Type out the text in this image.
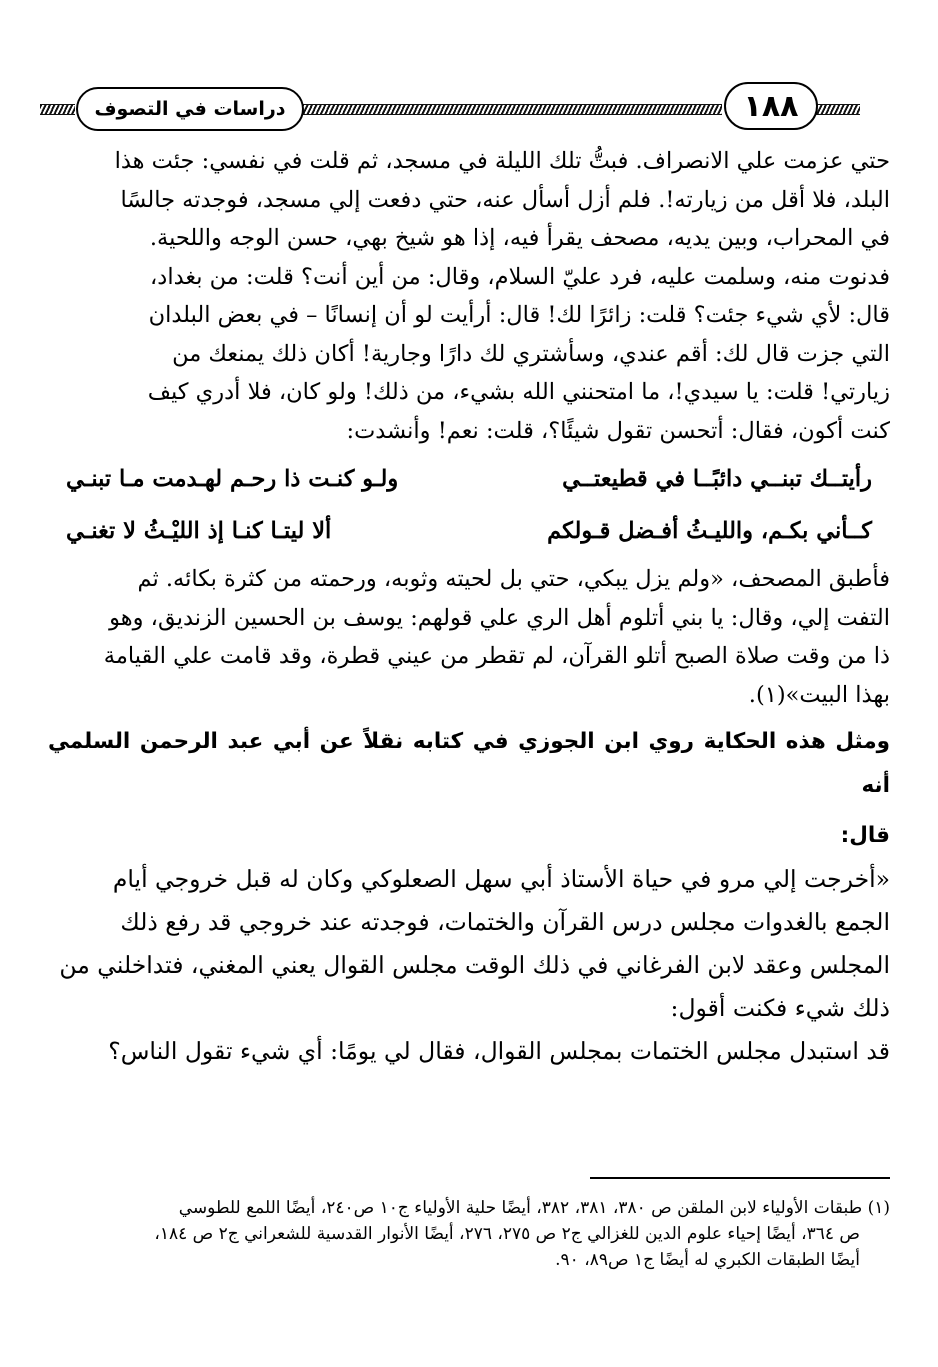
دراسات في التصوف	١٨٨

حتي عزمت علي الانصراف. فبتُّ تلك الليلة في مسجد، ثم قلت في نفسي: جئت هذا

البلد، فلا أقل من زيارته!. فلم أزل أسأل عنه، حتي دفعت إلي مسجد، فوجدته جالسًا

في المحراب، وبين يديه، مصحف يقرأ فيه، إذا هو شيخ بهي، حسن الوجه واللحية.

فدنوت منه، وسلمت عليه، فرد عليّ السلام، وقال: من أين أنت؟ قلت: من بغداد،

قال: لأي شيء جئت؟ قلت: زائرًا لك! قال: أرأيت لو أن إنسانًا – في بعض البلدان

التي جزت قال لك: أقم عندي، وسأشتري لك دارًا وجارية! أكان ذلك يمنعك من

زيارتي! قلت: يا سيدي!، ما امتحنني الله بشيء، من ذلك! ولو كان، فلا أدري كيف

كنت أكون، فقال: أتحسن تقول شيئًا؟، قلت: نعم! وأنشدت:

رأيتــك تبنــي دائبًــا في قطيعتــي
ولـو كنـت ذا رحـم لهـدمت مـا تبنـي
كــأني بكـم، والليـثُ أفـضل قـولكم
ألا ليتـا كنـا إذ الليْـثُ لا تغنـي

فأطبق المصحف، «ولم يزل يبكي، حتي بل لحيته وثوبه، ورحمته من كثرة بكائه. ثم

التفت إلي، وقال: يا بني أتلوم أهل الري علي قولهم: يوسف بن الحسين الزنديق، وهو

ذا من وقت صلاة الصبح أتلو القرآن، لم تقطر من عيني قطرة، وقد قامت علي القيامة

بهذا البيت»(١).

ومثل هذه الحكاية روي ابن الجوزي في كتابه نقلاً عن أبي عبد الرحمن السلمي أنه

قال:

«أخرجت إلي مرو في حياة الأستاذ أبي سهل الصعلوكي وكان له قبل خروجي أيام

الجمع بالغدوات مجلس درس القرآن والختمات، فوجدته عند خروجي قد رفع ذلك

المجلس وعقد لابن الفرغاني في ذلك الوقت مجلس القوال يعني المغني، فتداخلني من

ذلك شيء فكنت أقول:

قد استبدل مجلس الختمات بمجلس القوال، فقال لي يومًا: أي شيء تقول الناس؟

(١) طبقات الأولياء لابن الملقن ص ٣٨٠، ٣٨١، ٣٨٢، أيضًا حلية الأولياء ج١٠ ص٢٤٠، أيضًا اللمع للطوسي

ص ٣٦٤، أيضًا إحياء علوم الدين للغزالي ج٢ ص ٢٧٥، ٢٧٦، أيضًا الأنوار القدسية للشعراني ج٢ ص ١٨٤،

أيضًا الطبقات الكبري له أيضًا ج١ ص٨٩، ٩٠.
